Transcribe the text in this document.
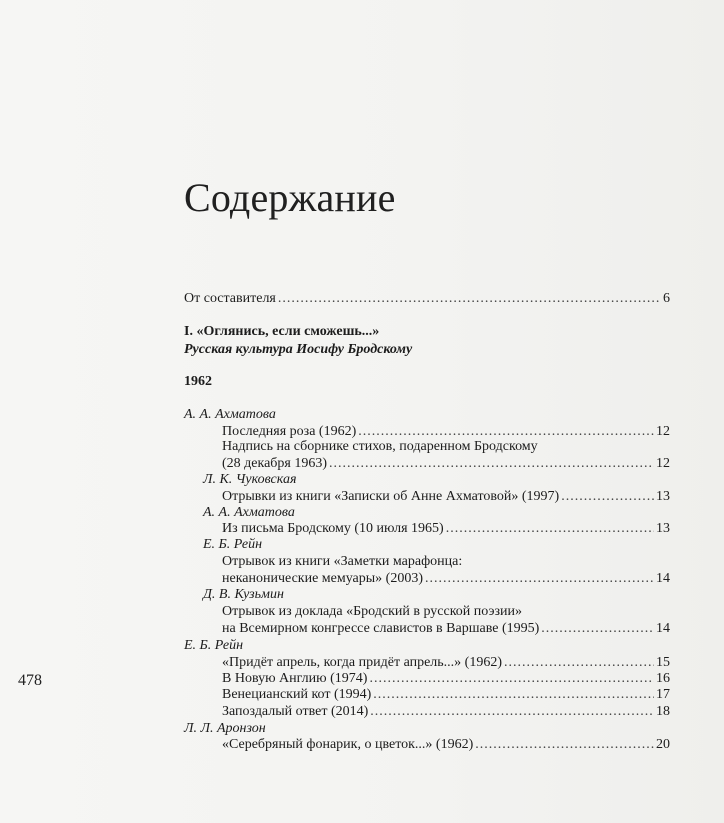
Содержание
От составителя .....	6
I. «Оглянись, если сможешь...»
Русская культура Иосифу Бродскому
1962
А. А. Ахматова
Последняя роза (1962) .....	12
Надпись на сборнике стихов, подаренном Бродскому
(28 декабря 1963) .....	12
Л. К. Чуковская
Отрывки из книги «Записки об Анне Ахматовой» (1997) .....	13
А. А. Ахматова
Из письма Бродскому (10 июля 1965) .....	13
Е. Б. Рейн
Отрывок из книги «Заметки марафонца:
неканонические мемуары» (2003) .....	14
Д. В. Кузьмин
Отрывок из доклада «Бродский в русской поэзии»
на Всемирном конгрессе славистов в Варшаве (1995) .....	14
Е. Б. Рейн
«Придёт апрель, когда придёт апрель...» (1962) .....	15
В Новую Англию (1974) .....	16
Венецианский кот (1994) .....	17
Запоздалый ответ (2014) .....	18
Л. Л. Аронзон
«Серебряный фонарик, о цветок...» (1962) .....	20
478
